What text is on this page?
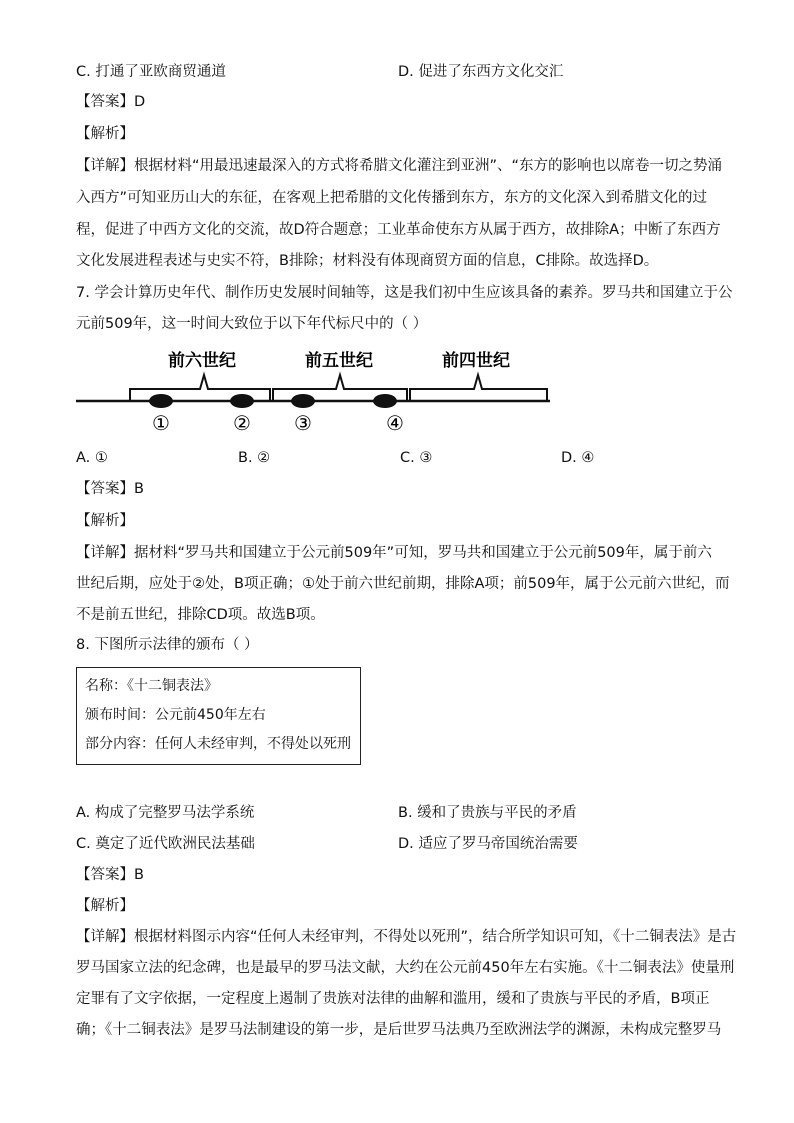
C. 打通了亚欧商贸通道	D. 促进了东西方文化交汇
【答案】D
【解析】
【详解】根据材料“用最迅速最深入的方式将希腊文化灌注到亚洲”、“东方的影响也以席卷一切之势涌
入西方”可知亚历山大的东征，在客观上把希腊的文化传播到东方，东方的文化深入到希腊文化的过
程，促进了中西方文化的交流，故D符合题意；工业革命使东方从属于西方，故排除A；中断了东西方
文化发展进程表述与史实不符，B排除；材料没有体现商贸方面的信息，C排除。故选择D。
7. 学会计算历史年代、制作历史发展时间轴等，这是我们初中生应该具备的素养。罗马共和国建立于公
元前509年，这一时间大致位于以下年代标尺中的（ ）
前六世纪	前五世纪	前四世纪
①	② ③	④
A. ①	B. ②	C. ③	D. ④
【答案】B
【解析】
【详解】据材料“罗马共和国建立于公元前509年”可知，罗马共和国建立于公元前509年，属于前六
世纪后期，应处于②处，B项正确；①处于前六世纪前期，排除A项；前509年，属于公元前六世纪，而
不是前五世纪，排除CD项。故选B项。
8. 下图所示法律的颁布（ ）
名称：《十二铜表法》
颁布时间：公元前450年左右
部分内容：任何人未经审判，不得处以死刑
A. 构成了完整罗马法学系统	B. 缓和了贵族与平民的矛盾
C. 奠定了近代欧洲民法基础	D. 适应了罗马帝国统治需要
【答案】B
【解析】
【详解】根据材料图示内容“任何人未经审判，不得处以死刑”，结合所学知识可知，《十二铜表法》是古
罗马国家立法的纪念碑，也是最早的罗马法文献，大约在公元前450年左右实施。《十二铜表法》使量刑
定罪有了文字依据，一定程度上遏制了贵族对法律的曲解和滥用，缓和了贵族与平民的矛盾，B项正
确；《十二铜表法》是罗马法制建设的第一步，是后世罗马法典乃至欧洲法学的渊源，未构成完整罗马
